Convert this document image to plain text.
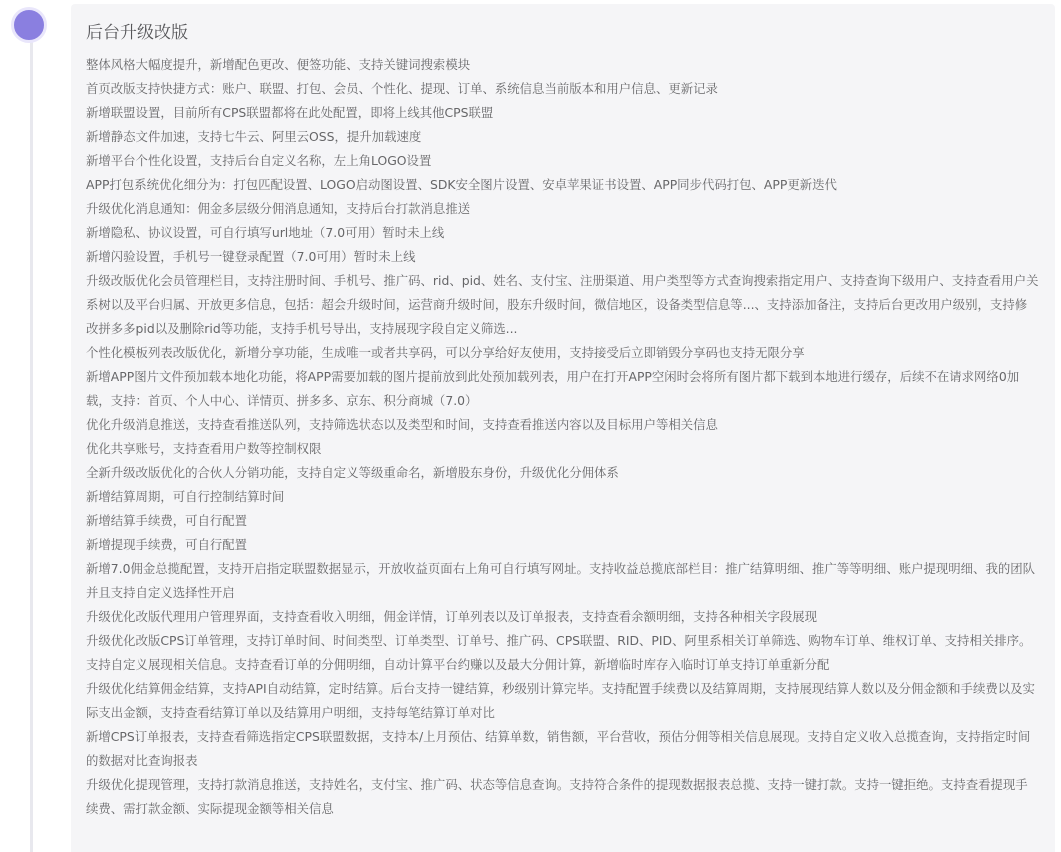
后台升级改版
整体风格大幅度提升，新增配色更改、便签功能、支持关键词搜索模块
首页改版支持快捷方式：账户、联盟、打包、会员、个性化、提现、订单、系统信息当前版本和用户信息、更新记录
新增联盟设置，目前所有CPS联盟都将在此处配置，即将上线其他CPS联盟
新增静态文件加速，支持七牛云、阿里云OSS，提升加载速度
新增平台个性化设置，支持后台自定义名称，左上角LOGO设置
APP打包系统优化细分为：打包匹配设置、LOGO启动图设置、SDK安全图片设置、安卓苹果证书设置、APP同步代码打包、APP更新迭代
升级优化消息通知：佣金多层级分佣消息通知，支持后台打款消息推送
新增隐私、协议设置，可自行填写url地址（7.0可用）暂时未上线
新增闪验设置，手机号一键登录配置（7.0可用）暂时未上线
升级改版优化会员管理栏目，支持注册时间、手机号、推广码、rid、pid、姓名、支付宝、注册渠道、用户类型等方式查询搜索指定用户、支持查询下级用户、支持查看用户关系树以及平台归属、开放更多信息，包括：超会升级时间，运营商升级时间，股东升级时间，微信地区，设备类型信息等...、支持添加备注，支持后台更改用户级别，支持修改拼多多pid以及删除rid等功能，支持手机号导出，支持展现字段自定义筛选...
个性化模板列表改版优化，新增分享功能，生成唯一或者共享码，可以分享给好友使用，支持接受后立即销毁分享码也支持无限分享
新增APP图片文件预加载本地化功能，将APP需要加载的图片提前放到此处预加载列表，用户在打开APP空闲时会将所有图片都下载到本地进行缓存，后续不在请求网络0加载，支持：首页、个人中心、详情页、拼多多、京东、积分商城（7.0）
优化升级消息推送，支持查看推送队列，支持筛选状态以及类型和时间，支持查看推送内容以及目标用户等相关信息
优化共享账号，支持查看用户数等控制权限
全新升级改版优化的合伙人分销功能，支持自定义等级重命名，新增股东身份，升级优化分佣体系
新增结算周期，可自行控制结算时间
新增结算手续费，可自行配置
新增提现手续费，可自行配置
新增7.0佣金总揽配置，支持开启指定联盟数据显示，开放收益页面右上角可自行填写网址。支持收益总揽底部栏目：推广结算明细、推广等等明细、账户提现明细、我的团队并且支持自定义选择性开启
升级优化改版代理用户管理界面，支持查看收入明细，佣金详情，订单列表以及订单报表，支持查看余额明细，支持各种相关字段展现
升级优化改版CPS订单管理，支持订单时间、时间类型、订单类型、订单号、推广码、CPS联盟、RID、PID、阿里系相关订单筛选、购物车订单、维权订单、支持相关排序。支持自定义展现相关信息。支持查看订单的分佣明细，自动计算平台约赚以及最大分佣计算，新增临时库存入临时订单支持订单重新分配
升级优化结算佣金结算，支持API自动结算，定时结算。后台支持一键结算，秒级别计算完毕。支持配置手续费以及结算周期，支持展现结算人数以及分佣金额和手续费以及实际支出金额，支持查看结算订单以及结算用户明细，支持每笔结算订单对比
新增CPS订单报表，支持查看筛选指定CPS联盟数据，支持本/上月预估、结算单数，销售额，平台营收，预估分佣等相关信息展现。支持自定义收入总揽查询，支持指定时间的数据对比查询报表
升级优化提现管理，支持打款消息推送，支持姓名，支付宝、推广码、状态等信息查询。支持符合条件的提现数据报表总揽、支持一键打款。支持一键拒绝。支持查看提现手续费、需打款金额、实际提现金额等相关信息
